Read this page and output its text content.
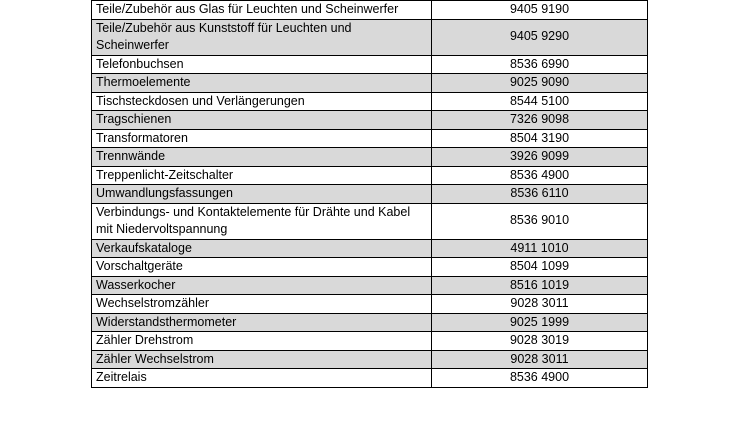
Teile/Zubehör aus Glas für Leuchten und Scheinwerfer	9405 9190
Teile/Zubehör aus Kunststoff für Leuchten und Scheinwerfer	9405 9290
Telefonbuchsen	8536 6990
Thermoelemente	9025 9090
Tischsteckdosen und Verlängerungen	8544 5100
Tragschienen	7326 9098
Transformatoren	8504 3190
Trennwände	3926 9099
Treppenlicht-Zeitschalter	8536 4900
Umwandlungsfassungen	8536 6110
Verbindungs- und Kontaktelemente für Drähte und Kabel mit Niedervoltspannung	8536 9010
Verkaufskataloge	4911 1010
Vorschaltgeräte	8504 1099
Wasserkocher	8516 1019
Wechselstromzähler	9028 3011
Widerstandsthermometer	9025 1999
Zähler Drehstrom	9028 3019
Zähler Wechselstrom	9028 3011
Zeitrelais	8536 4900
